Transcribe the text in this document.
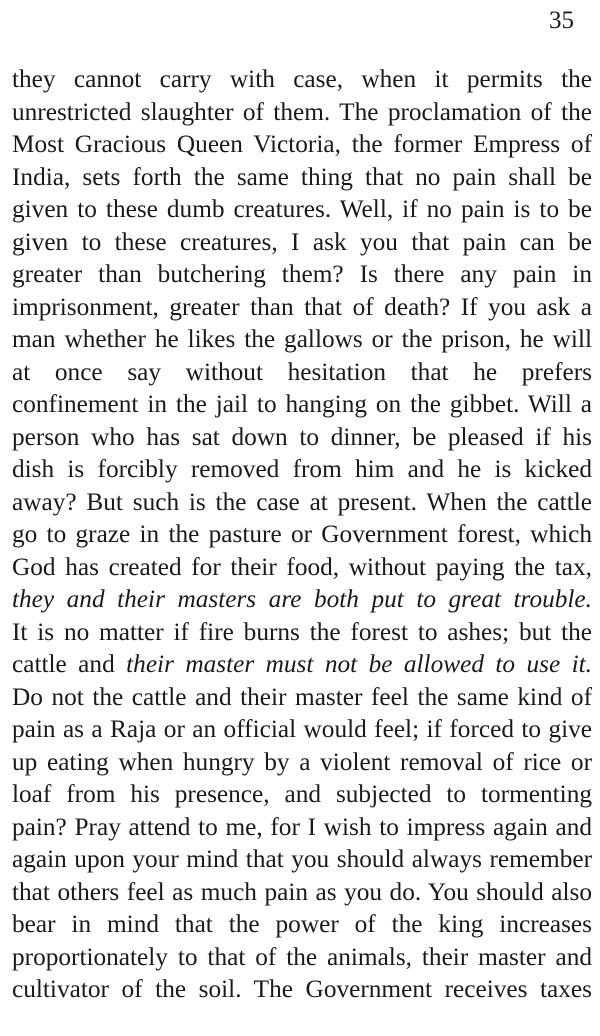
35
they cannot carry with case, when it permits the
unrestricted slaughter of them. The proclamation of the
Most Gracious Queen Victoria, the former Empress of
India, sets forth the same thing that no pain shall be
given to these dumb creatures. Well, if no pain is to be
given to these creatures, I ask you that pain can be
greater than butchering them? Is there any pain in
imprisonment, greater than that of death? If you ask a
man whether he likes the gallows or the prison, he will
at once say without hesitation that he prefers
confinement in the jail to hanging on the gibbet. Will a
person who has sat down to dinner, be pleased if his
dish is forcibly removed from him and he is kicked
away? But such is the case at present. When the cattle
go to graze in the pasture or Government forest, which
God has created for their food, without paying the tax,
they and their masters are both put to great trouble.
It is no matter if fire burns the forest to ashes; but the
cattle and their master must not be allowed to use it.
Do not the cattle and their master feel the same kind of
pain as a Raja or an official would feel; if forced to give
up eating when hungry by a violent removal of rice or
loaf from his presence, and subjected to tormenting
pain? Pray attend to me, for I wish to impress again and
again upon your mind that you should always remember
that others feel as much pain as you do. You should also
bear in mind that the power of the king increases
proportionately to that of the animals, their master and
cultivator of the soil. The Government receives taxes
